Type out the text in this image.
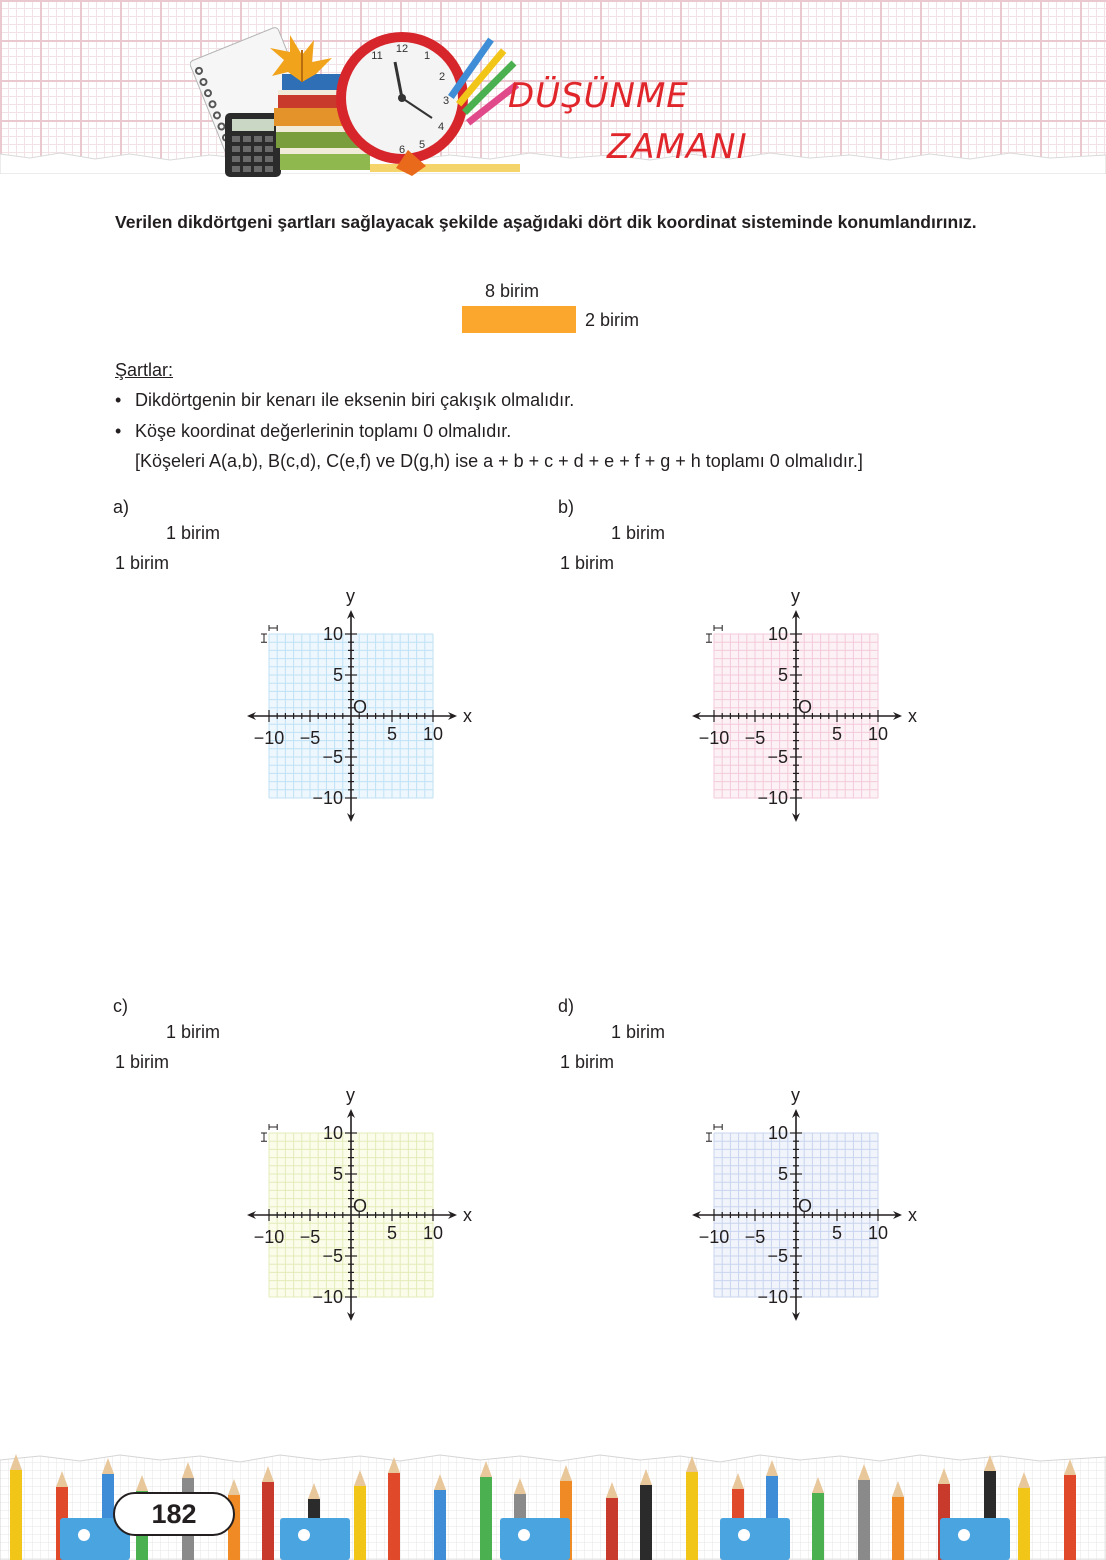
12
1
2
3
4
5
6
11
DÜŞÜNME
ZAMANI
Verilen dikdörtgeni şartları sağlayacak şekilde aşağıdaki dört dik koordinat sisteminde konumlandırınız.
8 birim
2 birim
Şartlar:
• Dikdörtgenin bir kenarı ile eksenin biri çakışık olmalıdır.
• Köşe koordinat değerlerinin toplamı 0 olmalıdır.
[Köşeleri A(a,b), B(c,d), C(e,f) ve D(g,h) ise a + b + c + d + e + f + g + h toplamı 0 olmalıdır.]
−10 −5	5 10
10
5
−5
−10
x
y
O
a)
1 birim
1 birim
−10 −5	5 10
10
5
−5
−10
x
y
O
b)
1 birim
1 birim
−10 −5	5 10
10
5
−5
−10
x
y
O
c)
1 birim
1 birim
−10 −5	5 10
10
5
−5
−10
x
y
O
d)
1 birim
1 birim
182
